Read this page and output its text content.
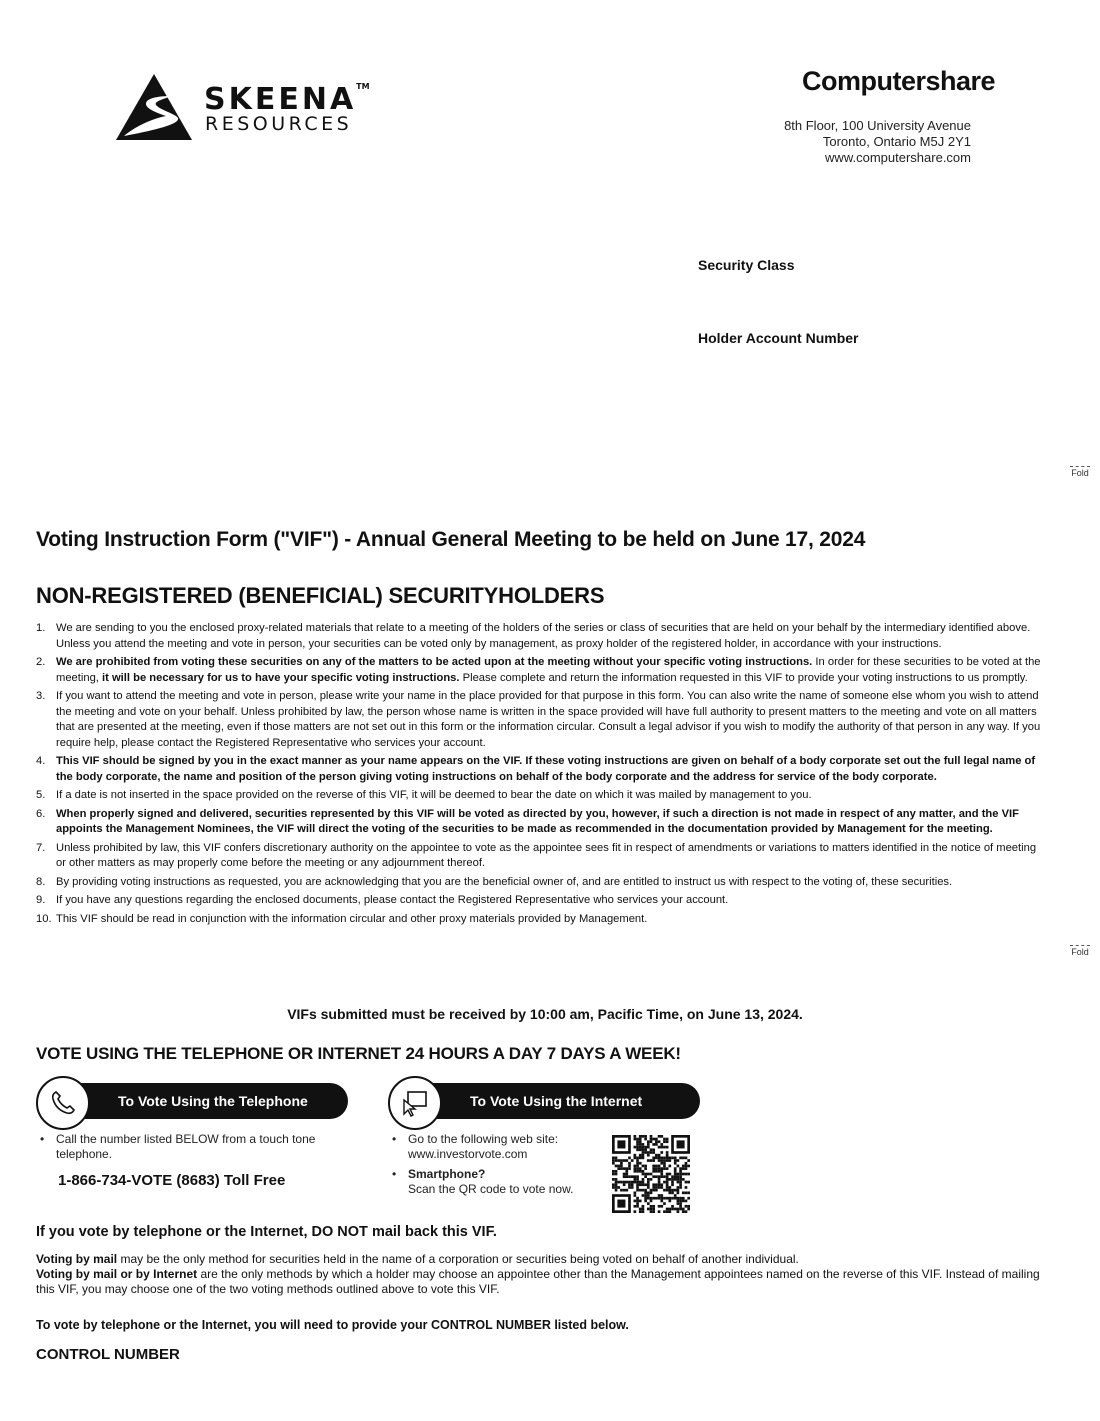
SKEENA™
RESOURCES
Computershare
8th Floor, 100 University Avenue
Toronto, Ontario M5J 2Y1
www.computershare.com
Security Class
Holder Account Number
Fold
Fold
Voting Instruction Form ("VIF") - Annual General Meeting to be held on June 17, 2024
NON-REGISTERED (BENEFICIAL) SECURITYHOLDERS
1. We are sending to you the enclosed proxy-related materials that relate to a meeting of the holders of the series or class of securities that are held on your behalf by the intermediary identified above. Unless you attend the meeting and vote in person, your securities can be voted only by management, as proxy holder of the registered holder, in accordance with your instructions.
2. We are prohibited from voting these securities on any of the matters to be acted upon at the meeting without your specific voting instructions. In order for these securities to be voted at the meeting, it will be necessary for us to have your specific voting instructions. Please complete and return the information requested in this VIF to provide your voting instructions to us promptly.
3. If you want to attend the meeting and vote in person, please write your name in the place provided for that purpose in this form. You can also write the name of someone else whom you wish to attend the meeting and vote on your behalf. Unless prohibited by law, the person whose name is written in the space provided will have full authority to present matters to the meeting and vote on all matters that are presented at the meeting, even if those matters are not set out in this form or the information circular. Consult a legal advisor if you wish to modify the authority of that person in any way. If you require help, please contact the Registered Representative who services your account.
4. This VIF should be signed by you in the exact manner as your name appears on the VIF. If these voting instructions are given on behalf of a body corporate set out the full legal name of the body corporate, the name and position of the person giving voting instructions on behalf of the body corporate and the address for service of the body corporate.
5. If a date is not inserted in the space provided on the reverse of this VIF, it will be deemed to bear the date on which it was mailed by management to you.
6. When properly signed and delivered, securities represented by this VIF will be voted as directed by you, however, if such a direction is not made in respect of any matter, and the VIF appoints the Management Nominees, the VIF will direct the voting of the securities to be made as recommended in the documentation provided by Management for the meeting.
7. Unless prohibited by law, this VIF confers discretionary authority on the appointee to vote as the appointee sees fit in respect of amendments or variations to matters identified in the notice of meeting or other matters as may properly come before the meeting or any adjournment thereof.
8. By providing voting instructions as requested, you are acknowledging that you are the beneficial owner of, and are entitled to instruct us with respect to the voting of, these securities.
9. If you have any questions regarding the enclosed documents, please contact the Registered Representative who services your account.
10. This VIF should be read in conjunction with the information circular and other proxy materials provided by Management.
VIFs submitted must be received by 10:00 am, Pacific Time, on June 13, 2024.
VOTE USING THE TELEPHONE OR INTERNET 24 HOURS A DAY 7 DAYS A WEEK!
To Vote Using the Telephone
• Call the number listed BELOW from a touch tone telephone.
1-866-734-VOTE (8683) Toll Free
To Vote Using the Internet
• Go to the following web site:
www.investorvote.com
• Smartphone?
Scan the QR code to vote now.
If you vote by telephone or the Internet, DO NOT mail back this VIF.
Voting by mail may be the only method for securities held in the name of a corporation or securities being voted on behalf of another individual.
Voting by mail or by Internet are the only methods by which a holder may choose an appointee other than the Management appointees named on the reverse of this VIF. Instead of mailing this VIF, you may choose one of the two voting methods outlined above to vote this VIF.
To vote by telephone or the Internet, you will need to provide your CONTROL NUMBER listed below.
CONTROL NUMBER
